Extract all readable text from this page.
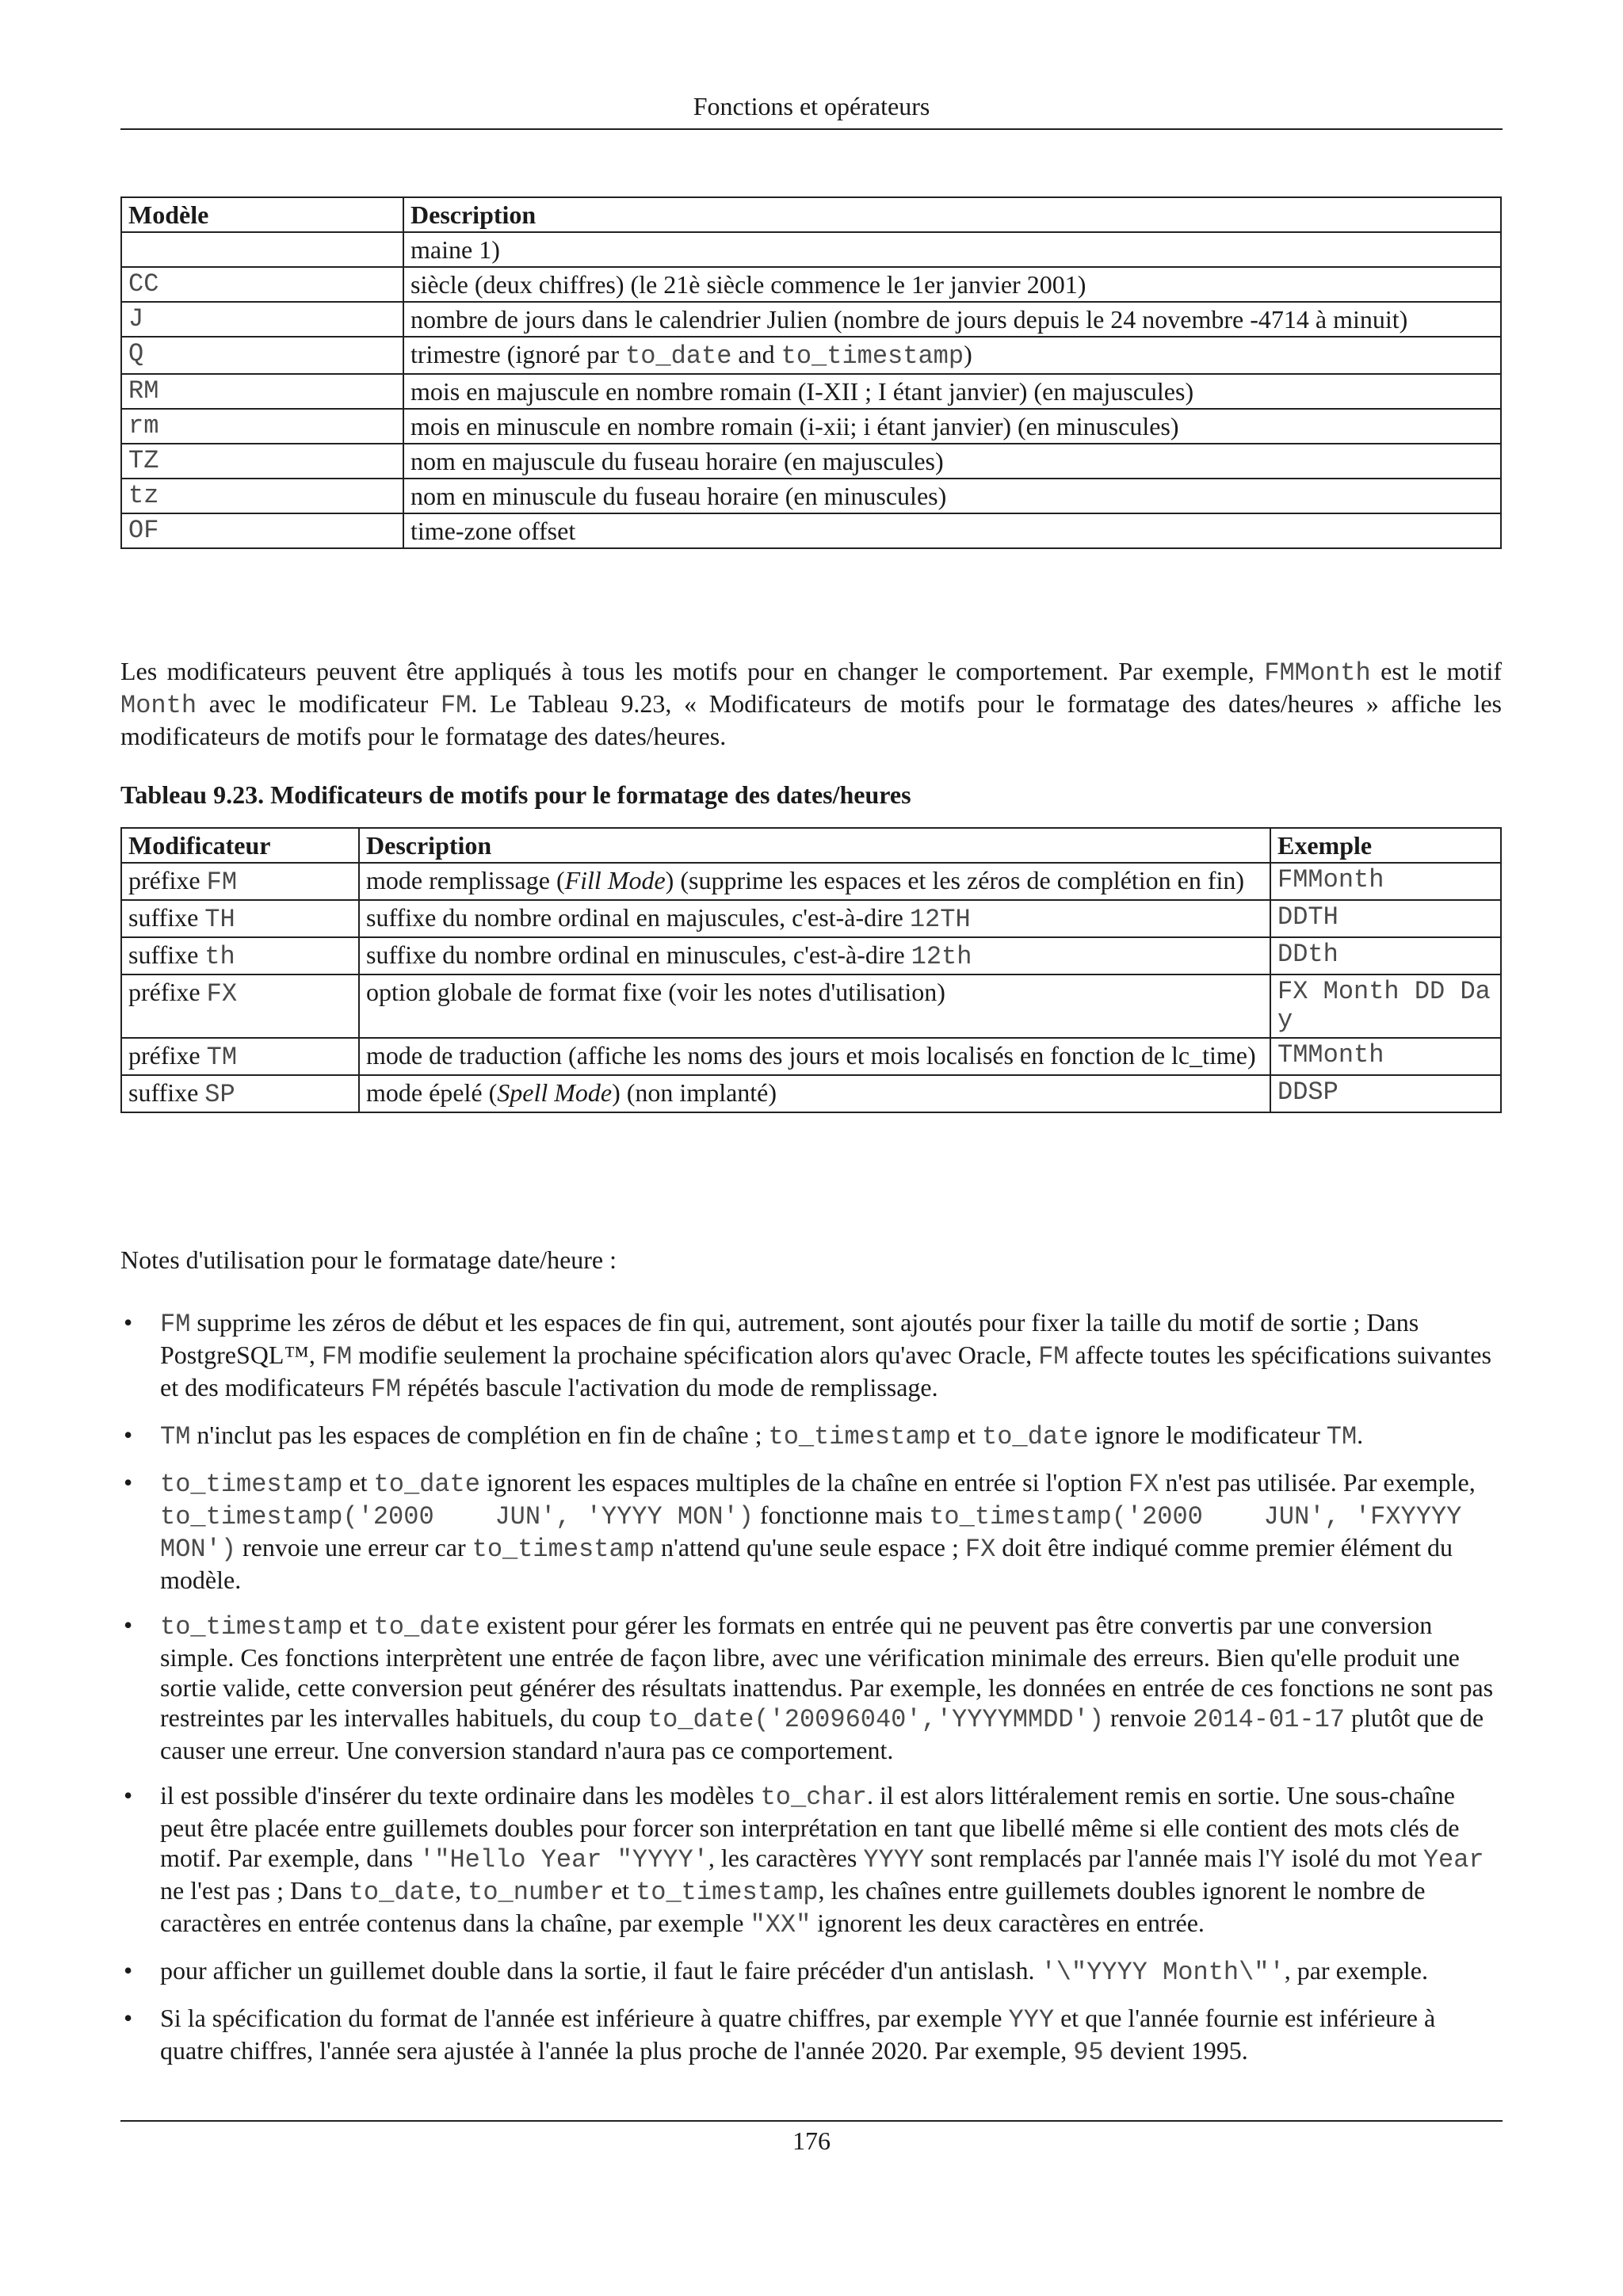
Fonctions et opérateurs
Modèle	Description
	maine 1)
CC	siècle (deux chiffres) (le 21è siècle commence le 1er janvier 2001)
J	nombre de jours dans le calendrier Julien (nombre de jours depuis le 24 novembre -4714 à minuit)
Q	trimestre (ignoré par to_date and to_timestamp)
RM	mois en majuscule en nombre romain (I-XII ; I étant janvier) (en majuscules)
rm	mois en minuscule en nombre romain (i-xii; i étant janvier) (en minuscules)
TZ	nom en majuscule du fuseau horaire (en majuscules)
tz	nom en minuscule du fuseau horaire (en minuscules)
OF	time-zone offset

Les modificateurs peuvent être appliqués à tous les motifs pour en changer le comportement. Par exemple, FMMonth est le motif Month avec le modificateur FM. Le Tableau 9.23, « Modificateurs de motifs pour le formatage des dates/heures » affiche les modificateurs de motifs pour le formatage des dates/heures.

Tableau 9.23. Modificateurs de motifs pour le formatage des dates/heures
Modificateur	Description	Exemple
préfixe FM	mode remplissage (Fill Mode) (supprime les espaces et les zéros de complétion en fin)	FMMonth
suffixe TH	suffixe du nombre ordinal en majuscules, c'est-à-dire 12TH	DDTH
suffixe th	suffixe du nombre ordinal en minuscules, c'est-à-dire 12th	DDth
préfixe FX	option globale de format fixe (voir les notes d'utilisation)	FX Month DD Day
préfixe TM	mode de traduction (affiche les noms des jours et mois localisés en fonction de lc_time)	TMMonth
suffixe SP	mode épelé (Spell Mode) (non implanté)	DDSP
Notes d'utilisation pour le formatage date/heure :
• FM supprime les zéros de début et les espaces de fin qui, autrement, sont ajoutés pour fixer la taille du motif de sortie ; Dans PostgreSQL™, FM modifie seulement la prochaine spécification alors qu'avec Oracle, FM affecte toutes les spécifications suivantes et des modificateurs FM répétés bascule l'activation du mode de remplissage.
• TM n'inclut pas les espaces de complétion en fin de chaîne ; to_timestamp et to_date ignore le modificateur TM.
• to_timestamp et to_date ignorent les espaces multiples de la chaîne en entrée si l'option FX n'est pas utilisée. Par exemple, to_timestamp('2000    JUN', 'YYYY MON') fonctionne mais to_timestamp('2000    JUN', 'FXYYYY MON') renvoie une erreur car to_timestamp n'attend qu'une seule espace ; FX doit être indiqué comme premier élément du modèle.
• to_timestamp et to_date existent pour gérer les formats en entrée qui ne peuvent pas être convertis par une conversion simple. Ces fonctions interprètent une entrée de façon libre, avec une vérification minimale des erreurs. Bien qu'elle produit une sortie valide, cette conversion peut générer des résultats inattendus. Par exemple, les données en entrée de ces fonctions ne sont pas restreintes par les intervalles habituels, du coup to_date('20096040','YYYYMMDD') renvoie 2014-01-17 plutôt que de causer une erreur. Une conversion standard n'aura pas ce comportement.
• il est possible d'insérer du texte ordinaire dans les modèles to_char. il est alors littéralement remis en sortie. Une sous-chaîne peut être placée entre guillemets doubles pour forcer son interprétation en tant que libellé même si elle contient des mots clés de motif. Par exemple, dans '"Hello Year "YYYY', les caractères YYYY sont remplacés par l'année mais l'Y isolé du mot Year ne l'est pas ; Dans to_date, to_number et to_timestamp, les chaînes entre guillemets doubles ignorent le nombre de caractères en entrée contenus dans la chaîne, par exemple "XX" ignorent les deux caractères en entrée.
• pour afficher un guillemet double dans la sortie, il faut le faire précéder d'un antislash. '\"YYYY Month\"', par exemple.
• Si la spécification du format de l'année est inférieure à quatre chiffres, par exemple YYY et que l'année fournie est inférieure à quatre chiffres, l'année sera ajustée à l'année la plus proche de l'année 2020. Par exemple, 95 devient 1995.
176
